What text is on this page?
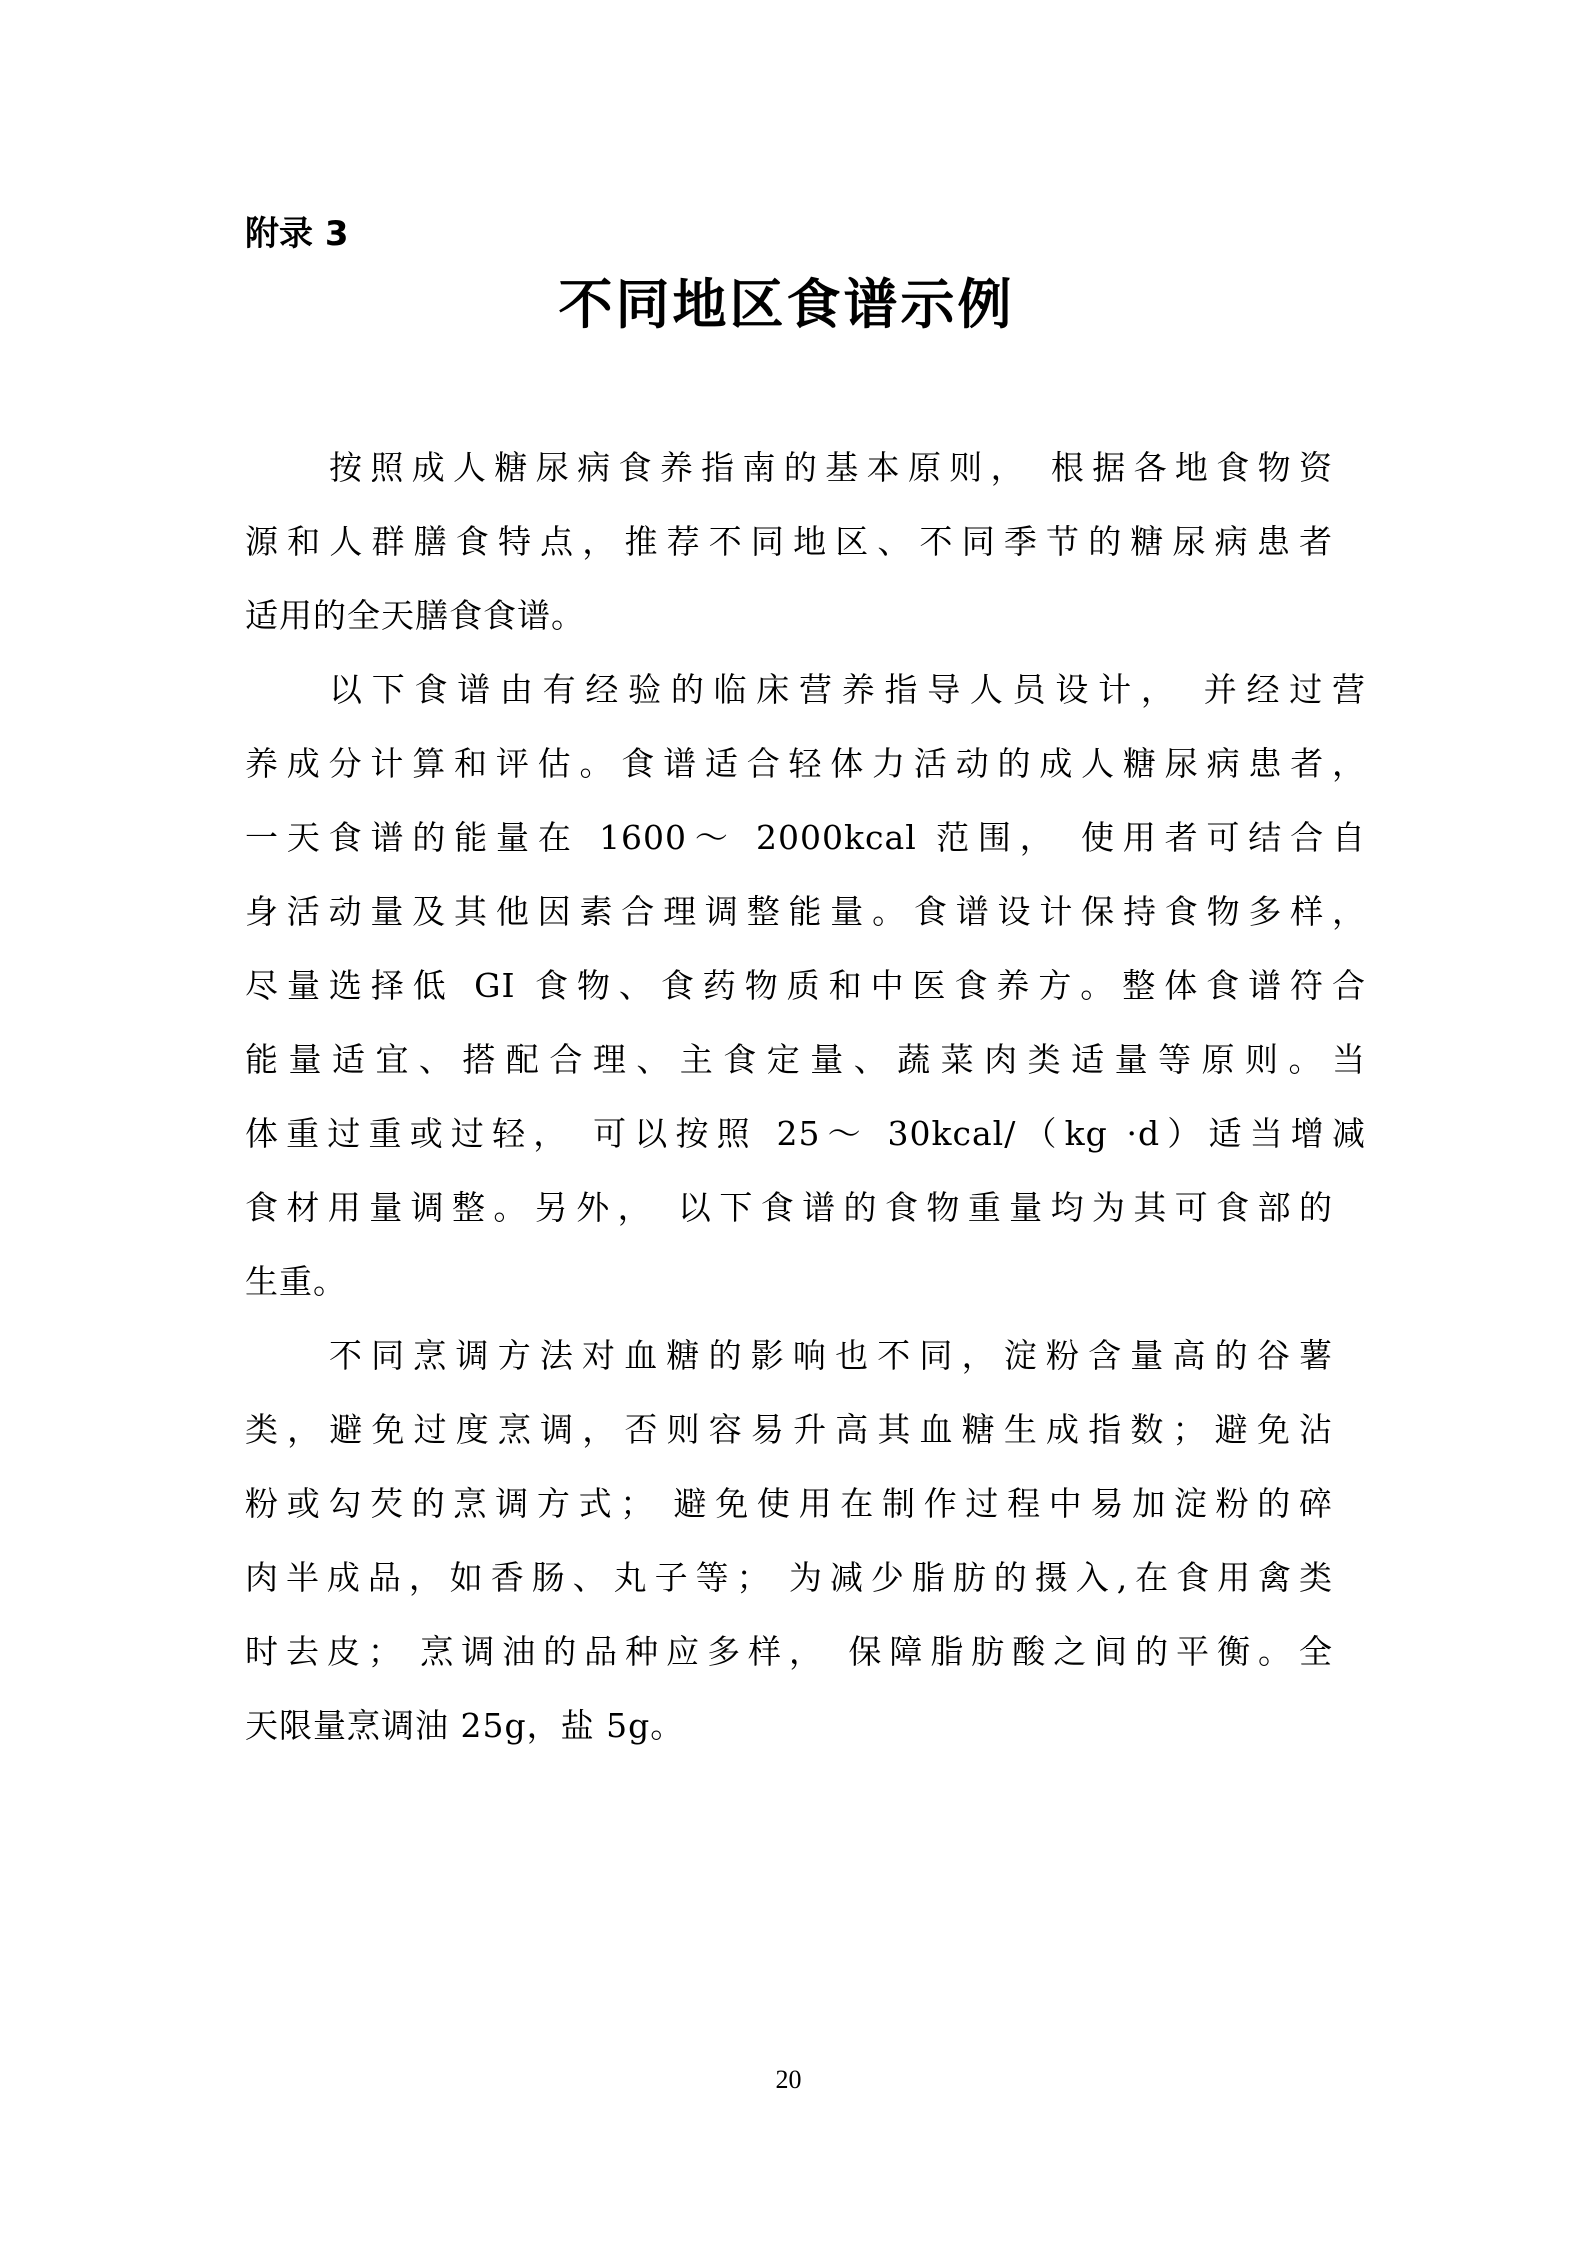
附录 3
不同地区食谱示例
按照成人糖尿病食养指南的基本原则， 根据各地食物资
源和人群膳食特点，推荐不同地区、不同季节的糖尿病患者
适用的全天膳食食谱。
以下食谱由有经验的临床营养指导人员设计， 并经过营
养成分计算和评估。食谱适合轻体力活动的成人糖尿病患者，
一天食谱的能量在 1600～ 2000kcal 范围， 使用者可结合自
身活动量及其他因素合理调整能量。食谱设计保持食物多样，
尽量选择低 GI 食物、食药物质和中医食养方。整体食谱符合
能量适宜、搭配合理、主食定量、蔬菜肉类适量等原则。当
体重过重或过轻， 可以按照 25～ 30kcal/（kg ·d）适当增减
食材用量调整。另外， 以下食谱的食物重量均为其可食部的
生重。
不同烹调方法对血糖的影响也不同，淀粉含量高的谷薯
类，避免过度烹调，否则容易升高其血糖生成指数；避免沾
粉或勾芡的烹调方式； 避免使用在制作过程中易加淀粉的碎
肉半成品，如香肠、丸子等； 为减少脂肪的摄入,在食用禽类
时去皮； 烹调油的品种应多样， 保障脂肪酸之间的平衡。全
天限量烹调油 25g，盐 5g。
20
